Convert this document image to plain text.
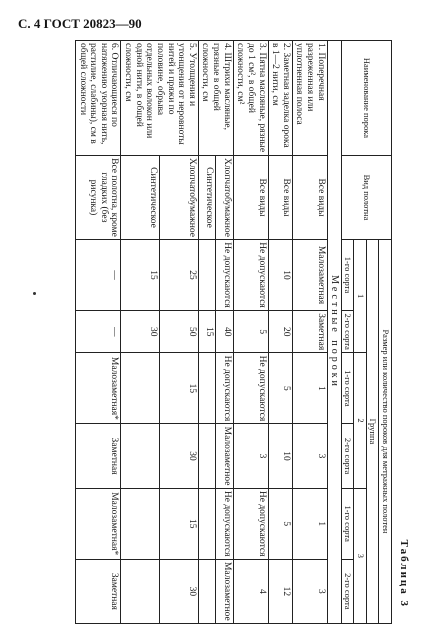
С. 4 ГОСТ 20823—90
Таблица 3
Наименование порока	Вид полотна	Размер или количество пороков для метражных полотен					
		Группа					
		1		2		3	
		1-го сорта	2-го сорта	1-го сорта	2-го сорта	1-го сорта	2-го сорта
Местные пороки							
1. Поперечная разреженная или уплотненная полоса	Все виды	Малозаметная	Заметная	1	3	1	3
2. Заметная заделка орока в 1—2 нити, см	Все виды	10	20	5	10	5	12
3. Пятна масляные, рязные до 1 см², в общей сложности, см²	Все виды	Не допускаются	5	Не допускаются	3	Не допускаются	4
4. Штрихи масляные, грязные в общей сложности, см	Хлопчатобумажное	Не допускаются	40	Не допускаются	Малозаметное	Не допускаются	Малозаметное
	Синтетическое		15				
5. Утолщения и утонщения от неровноты нитей и пряжи по половине, обрыва отдельных волокон или одной нити, в общей сложности, см	Хлопчатобумажное	25	50	15	30	15	30
	Синтетическое	15	30				
6. Отличающиеся по натяжению уюрная нить, растилие, слабины), см в общей сложности	Все полотна, кроме гладких (без рисунка)	—	—	Малозаметная*	Заметная	Малозаметная*	Заметная
